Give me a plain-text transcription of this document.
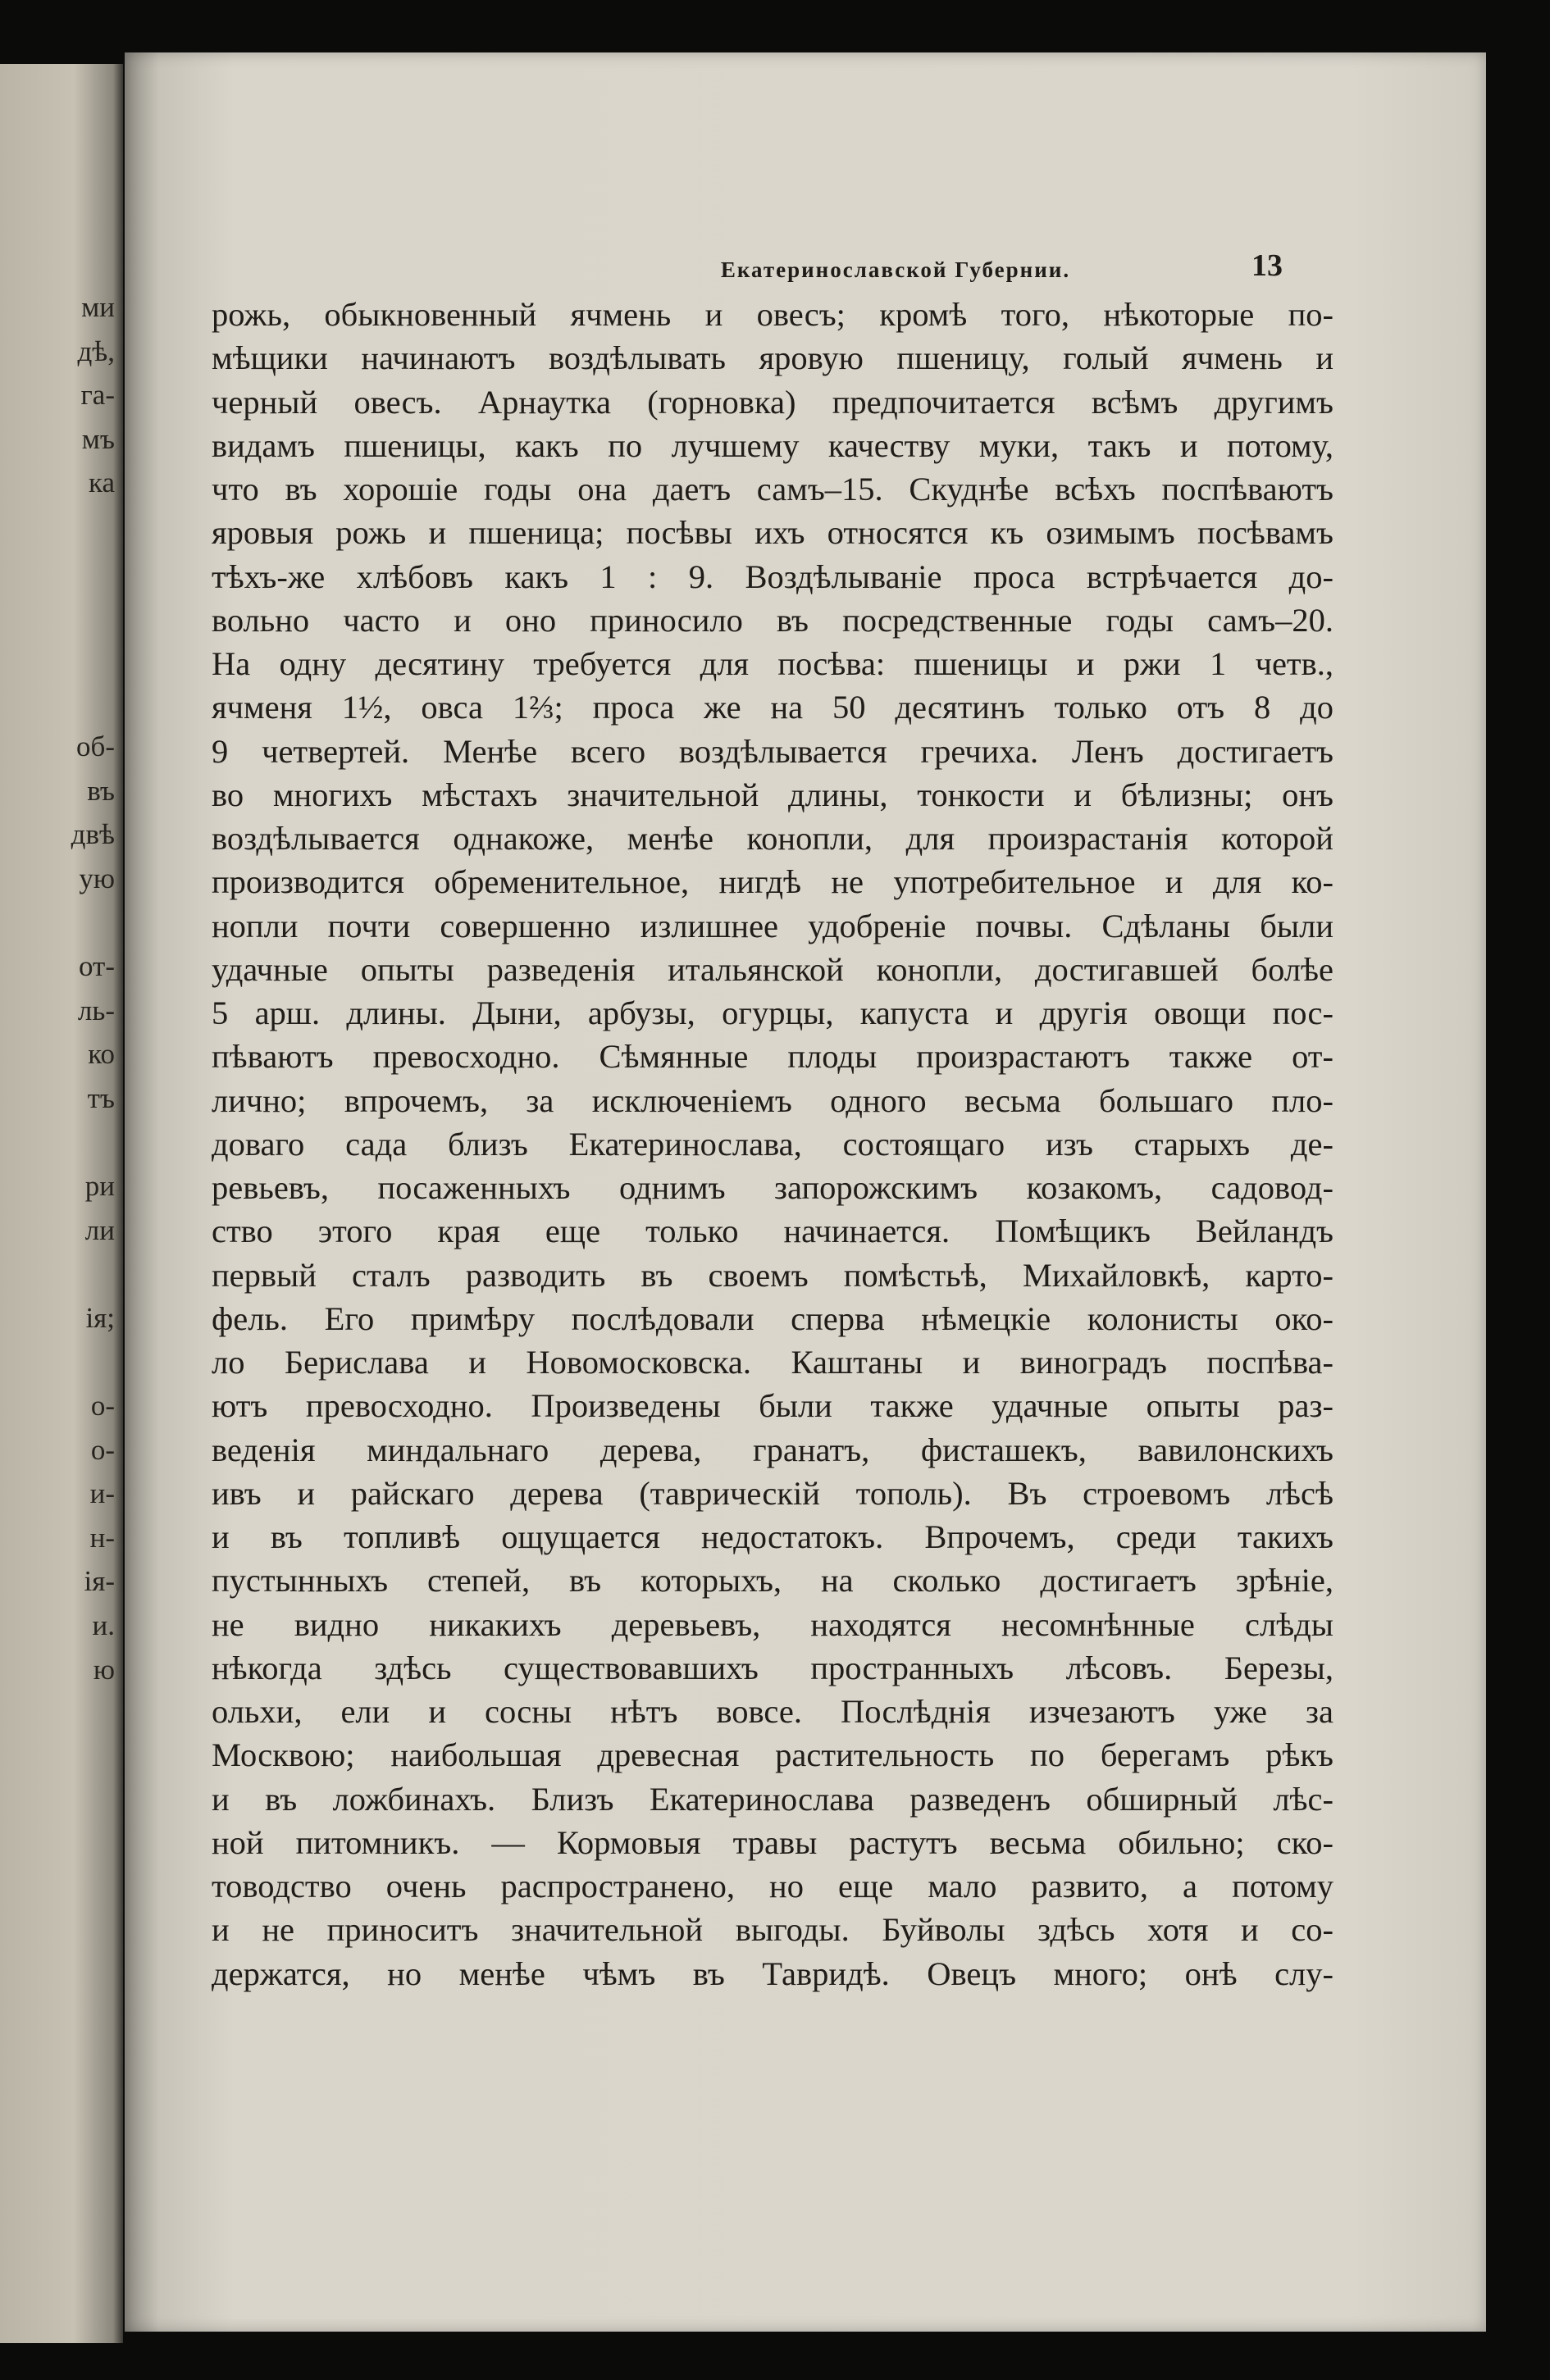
Екатеринославской Губернии.	13
рожь, обыкновенный ячмень и овесъ; кромѣ того, нѣкоторые по-
мѣщики начинаютъ воздѣлывать яровую пшеницу, голый ячмень и
черный овесъ. Арнаутка (горновка) предпочитается всѣмъ другимъ
видамъ пшеницы, какъ по лучшему качеству муки, такъ и потому,
что въ хорошіе годы она даетъ самъ–15. Скуднѣе всѣхъ поспѣваютъ
яровыя рожь и пшеница; посѣвы ихъ относятся къ озимымъ посѣвамъ
тѣхъ-же хлѣбовъ какъ 1 : 9. Воздѣлываніе проса встрѣчается до-
вольно часто и оно приносило въ посредственные годы самъ–20.
На одну десятину требуется для посѣва: пшеницы и ржи 1 четв.,
ячменя 1½, овса 1⅔; проса же на 50 десятинъ только отъ 8 до
9 четвертей. Менѣе всего воздѣлывается гречиха. Ленъ достигаетъ
во многихъ мѣстахъ значительной длины, тонкости и бѣлизны; онъ
воздѣлывается однакоже, менѣе конопли, для произрастанія которой
производится обременительное, нигдѣ не употребительное и для ко-
нопли почти совершенно излишнее удобреніе почвы. Сдѣланы были
удачные опыты разведенія итальянской конопли, достигавшей болѣе
5 арш. длины. Дыни, арбузы, огурцы, капуста и другія овощи пос-
пѣваютъ превосходно. Сѣмянные плоды произрастаютъ также от-
лично; впрочемъ, за исключеніемъ одного весьма большаго пло-
доваго сада близъ Екатеринослава, состоящаго изъ старыхъ де-
ревьевъ, посаженныхъ однимъ запорожскимъ козакомъ, садовод-
ство этого края еще только начинается. Помѣщикъ Вейландъ
первый сталъ разводить въ своемъ помѣстьѣ, Михайловкѣ, карто-
фель. Его примѣру послѣдовали сперва нѣмецкіе колонисты око-
ло Берислава и Новомосковска. Каштаны и виноградъ поспѣва-
ютъ превосходно. Произведены были также удачные опыты раз-
веденія миндальнаго дерева, гранатъ, фисташекъ, вавилонскихъ
ивъ и райскаго дерева (таврическій тополь). Въ строевомъ лѣсѣ
и въ топливѣ ощущается недостатокъ. Впрочемъ, среди такихъ
пустынныхъ степей, въ которыхъ, на сколько достигаетъ зрѣніе,
не видно никакихъ деревьевъ, находятся несомнѣнные слѣды
нѣкогда здѣсь существовавшихъ пространныхъ лѣсовъ. Березы,
ольхи, ели и сосны нѣтъ вовсе. Послѣднія изчезаютъ уже за
Москвою; наибольшая древесная растительность по берегамъ рѣкъ
и въ ложбинахъ. Близъ Екатеринослава разведенъ обширный лѣс-
ной питомникъ. — Кормовыя травы растутъ весьма обильно; ско-
товодство очень распространено, но еще мало развито, а потому
и не приноситъ значительной выгоды. Буйволы здѣсь хотя и со-
держатся, но менѣе чѣмъ въ Тавридѣ. Овецъ много; онѣ слу-
ми
дѣ,
га-
мъ
ка
об-
въ
двѣ
ую
от-
ль-
ко
тъ
ри
ли
ія;
о-
о-
и-
н-
ія-
и.
ю
